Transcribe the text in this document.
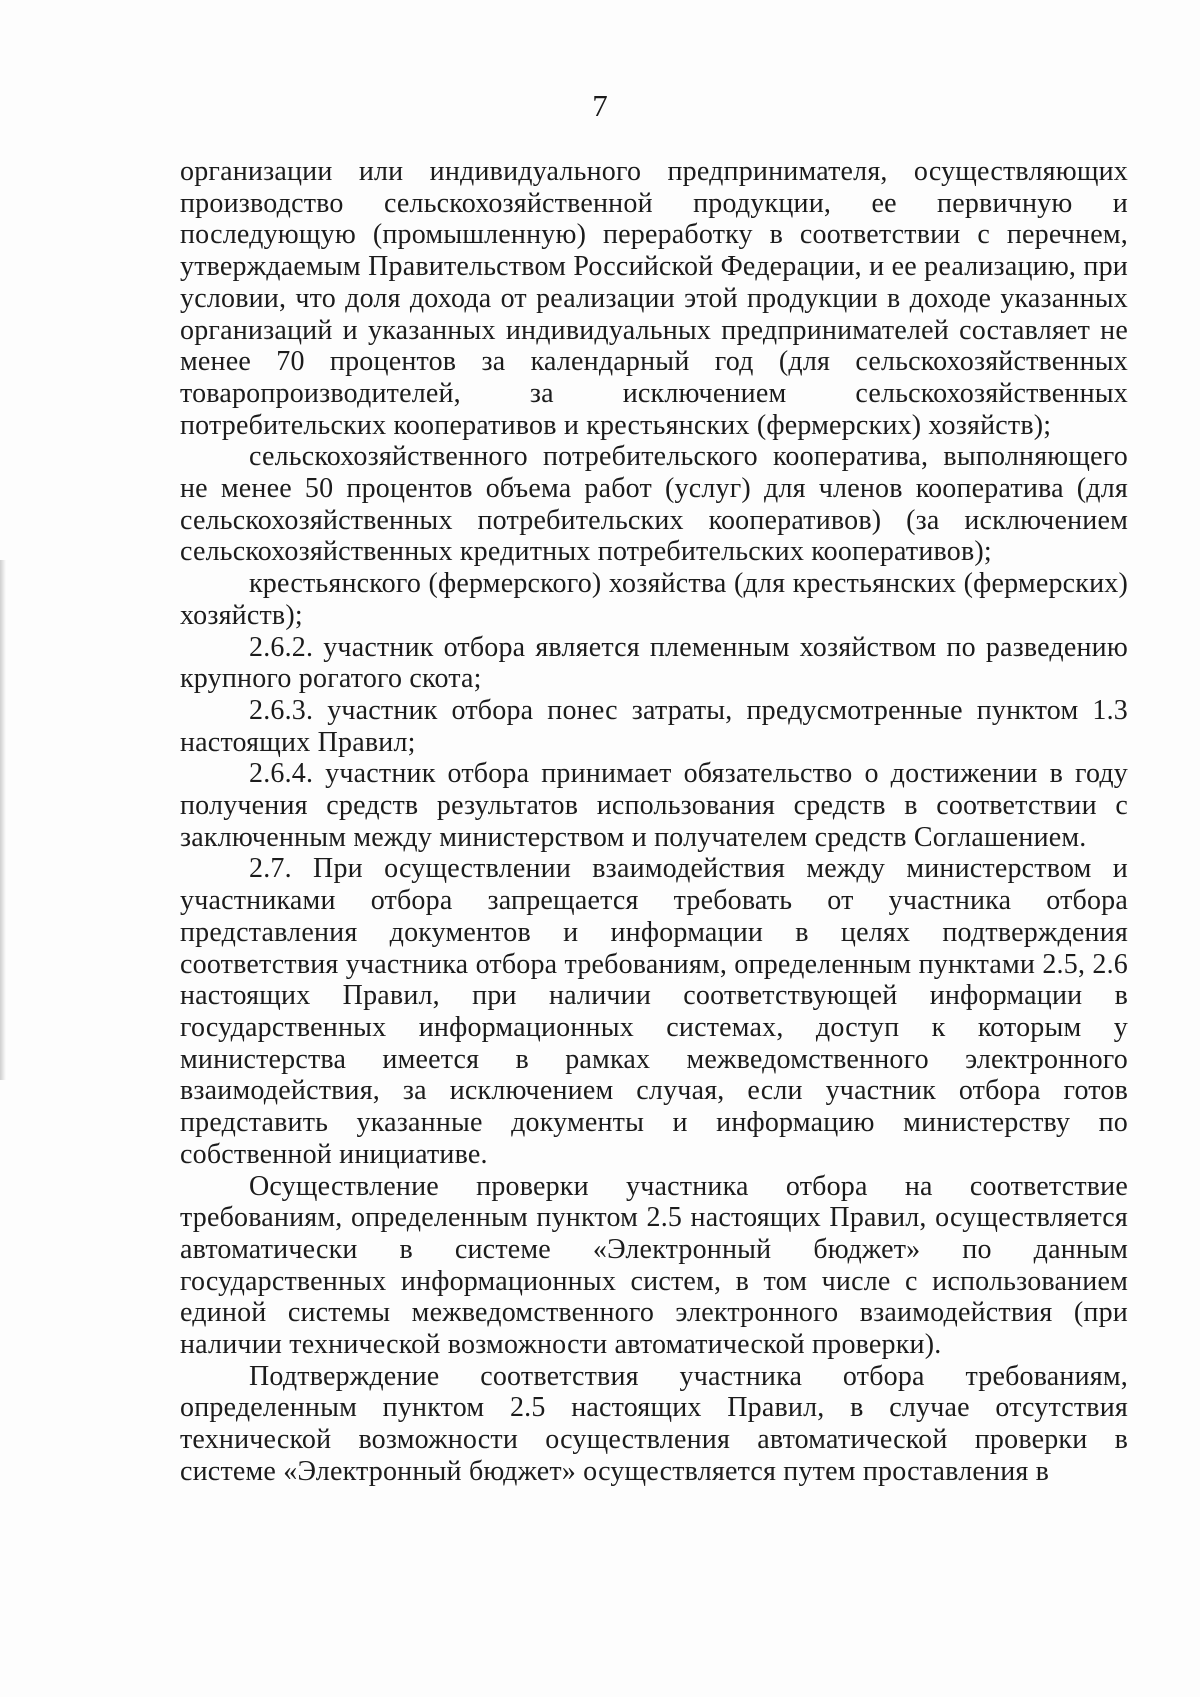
7

организации или индивидуального предпринимателя, осуществляющих производство сельскохозяйственной продукции, ее первичную и последующую (промышленную) переработку в соответствии с перечнем, утверждаемым Правительством Российской Федерации, и ее реализацию, при условии, что доля дохода от реализации этой продукции в доходе указанных организаций и указанных индивидуальных предпринимателей составляет не менее 70 процентов за календарный год (для сельскохозяйственных товаропроизводителей, за исключением сельскохозяйственных потребительских кооперативов и крестьянских (фермерских) хозяйств);

сельскохозяйственного потребительского кооператива, выполняющего не менее 50 процентов объема работ (услуг) для членов кооператива (для сельскохозяйственных потребительских кооперативов) (за исключением сельскохозяйственных кредитных потребительских кооперативов);

крестьянского (фермерского) хозяйства (для крестьянских (фермерских) хозяйств);

2.6.2. участник отбора является племенным хозяйством по разведению крупного рогатого скота;

2.6.3. участник отбора понес затраты, предусмотренные пунктом 1.3 настоящих Правил;

2.6.4. участник отбора принимает обязательство о достижении в году получения средств результатов использования средств в соответствии с заключенным между министерством и получателем средств Соглашением.

2.7. При осуществлении взаимодействия между министерством и участниками отбора запрещается требовать от участника отбора представления документов и информации в целях подтверждения соответствия участника отбора требованиям, определенным пунктами 2.5, 2.6 настоящих Правил, при наличии соответствующей информации в государственных информационных системах, доступ к которым у министерства имеется в рамках межведомственного электронного взаимодействия, за исключением случая, если участник отбора готов представить указанные документы и информацию министерству по собственной инициативе.

Осуществление проверки участника отбора на соответствие требованиям, определенным пунктом 2.5 настоящих Правил, осуществляется автоматически в системе «Электронный бюджет» по данным государственных информационных систем, в том числе с использованием единой системы межведомственного электронного взаимодействия (при наличии технической возможности автоматической проверки).

Подтверждение соответствия участника отбора требованиям, определенным пунктом 2.5 настоящих Правил, в случае отсутствия технической возможности осуществления автоматической проверки в системе «Электронный бюджет» осуществляется путем проставления в
